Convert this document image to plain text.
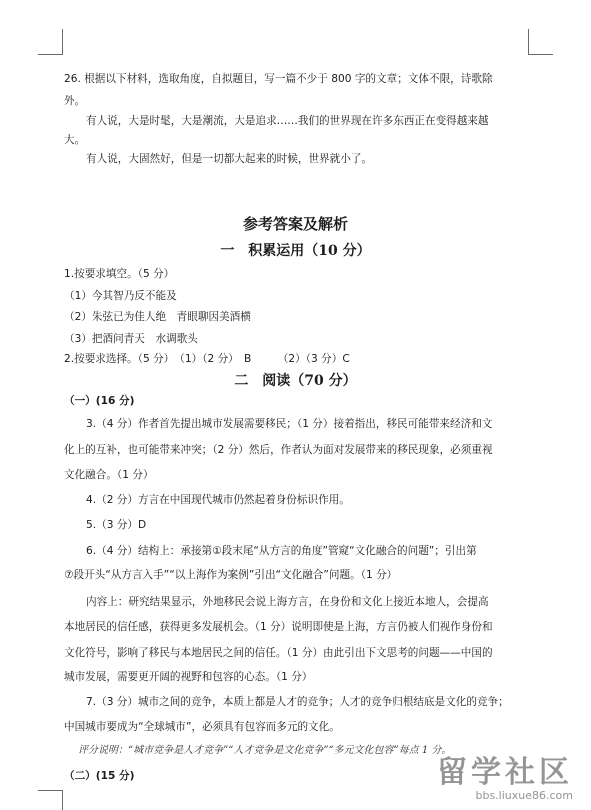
26. 根据以下材料，选取角度，自拟题目，写一篇不少于 800 字的文章；文体不限，诗歌除
外。
有人说，大是时髦，大是潮流，大是追求……我们的世界现在许多东西正在变得越来越
大。
有人说，大固然好，但是一切都大起来的时候，世界就小了。
参考答案及解析
一　积累运用（10 分）
1.按要求填空。（5 分）
（1）今其智乃反不能及
（2）朱弦已为佳人绝　青眼聊因美酒横
（3）把酒问青天　水调歌头
2.按要求选择。（5 分）　（1）（2 分）　B　　　（2）（3 分）C
二　阅读（70 分）
（一）(16 分)
3.（4 分）作者首先提出城市发展需要移民；（1 分）接着指出，移民可能带来经济和文
化上的互补，也可能带来冲突；（2 分）然后，作者认为面对发展带来的移民现象，必须重视
文化融合。（1 分）
4.（2 分）方言在中国现代城市仍然起着身份标识作用。
5.（3 分）D
6.（4 分）结构上：承接第①段末尾“从方言的角度”管窥“文化融合的问题”；引出第
⑦段开头“从方言入手”“以上海作为案例”引出“文化融合”问题。（1 分）
内容上：研究结果显示，外地移民会说上海方言，在身份和文化上接近本地人，会提高
本地居民的信任感，获得更多发展机会。（1 分）说明即使是上海，方言仍被人们视作身份和
文化符号，影响了移民与本地居民之间的信任。（1 分）由此引出下文思考的问题——中国的
城市发展，需要更开阔的视野和包容的心态。（1 分）
7.（3 分）城市之间的竞争，本质上都是人才的竞争；人才的竞争归根结底是文化的竞争；
中国城市要成为“全球城市”，必须具有包容而多元的文化。
评分说明：“城市竞争是人才竞争”“人才竞争是文化竞争”“多元文化包容”每点 1 分。
（二）(15 分)	留学社区
bbs.liuxue86.com
